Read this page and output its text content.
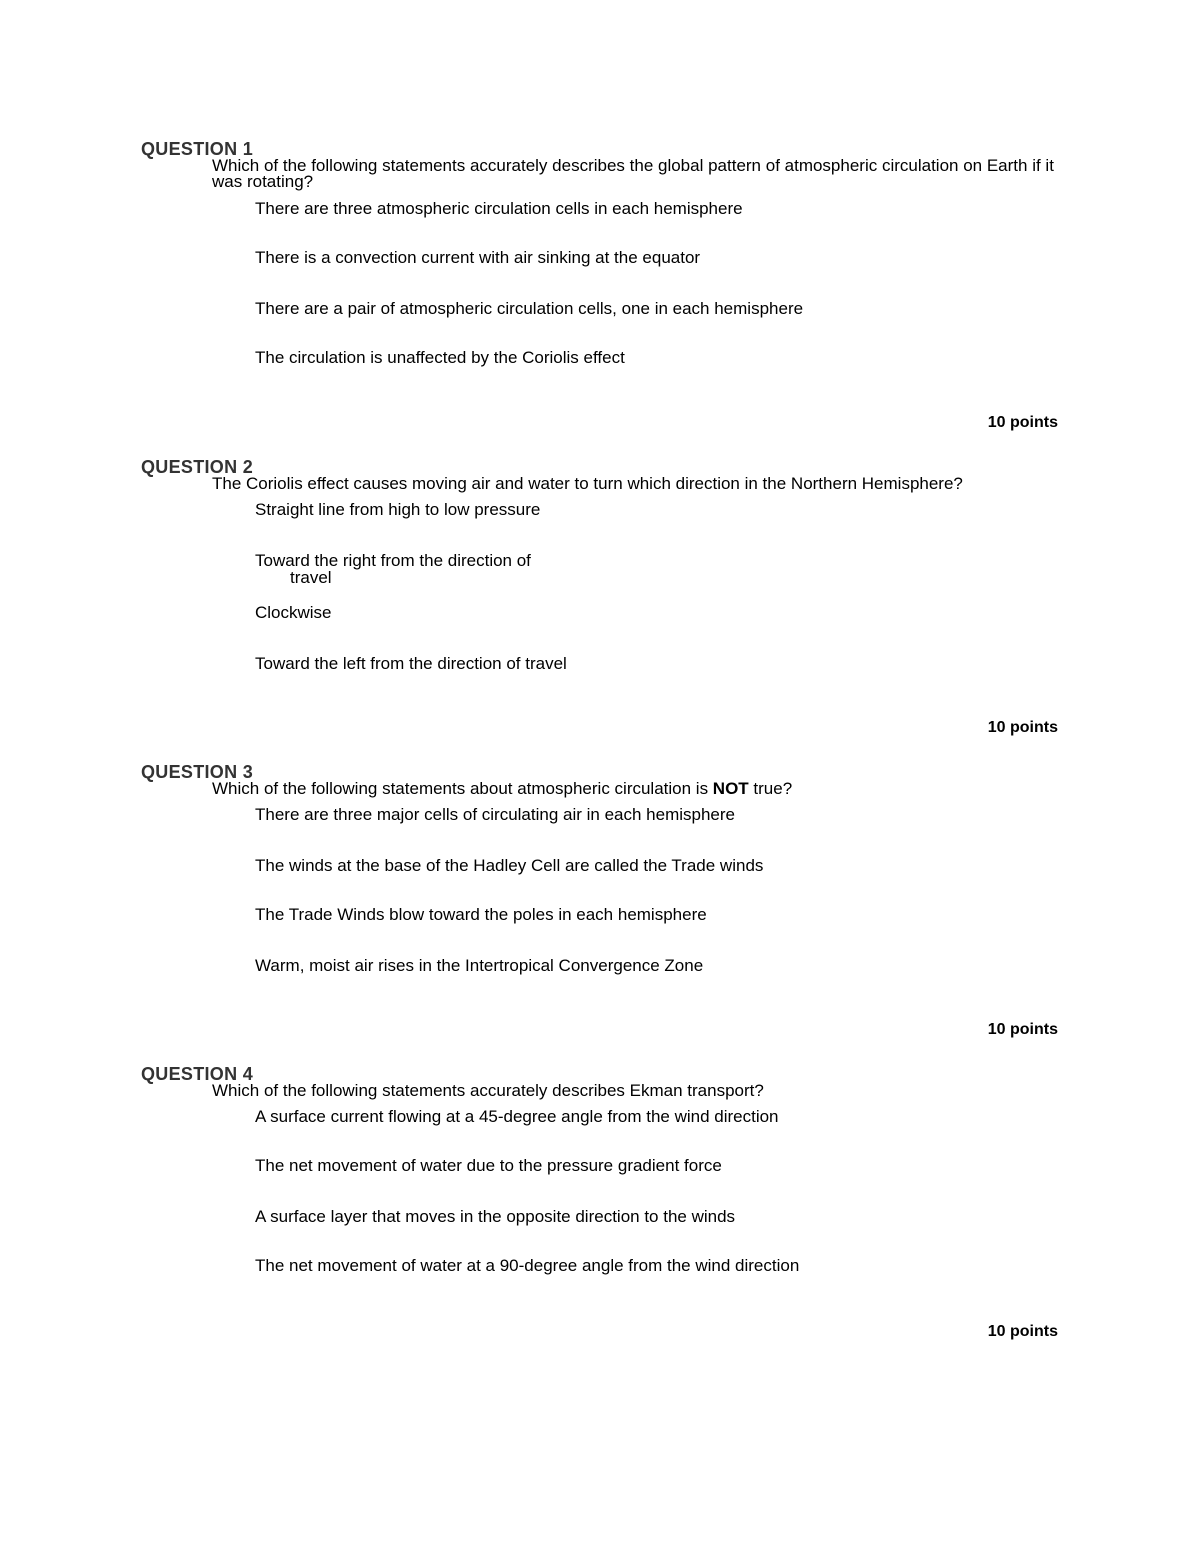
QUESTION 1
Which of the following statements accurately describes the global pattern of atmospheric circulation on Earth if it was rotating?
There are three atmospheric circulation cells in each hemisphere
There is a convection current with air sinking at the equator
There are a pair of atmospheric circulation cells, one in each hemisphere
The circulation is unaffected by the Coriolis effect
10 points
QUESTION 2
The Coriolis effect causes moving air and water to turn which direction in the Northern Hemisphere?
Straight line from high to low pressure
Toward the right from the direction of
travel
Clockwise
Toward the left from the direction of travel
10 points
QUESTION 3
Which of the following statements about atmospheric circulation is NOT true?
There are three major cells of circulating air in each hemisphere
The winds at the base of the Hadley Cell are called the Trade winds
The Trade Winds blow toward the poles in each hemisphere
Warm, moist air rises in the Intertropical Convergence Zone
10 points
QUESTION 4
Which of the following statements accurately describes Ekman transport?
A surface current flowing at a 45-degree angle from the wind direction
The net movement of water due to the pressure gradient force
A surface layer that moves in the opposite direction to the winds
The net movement of water at a 90-degree angle from the wind direction
10 points
